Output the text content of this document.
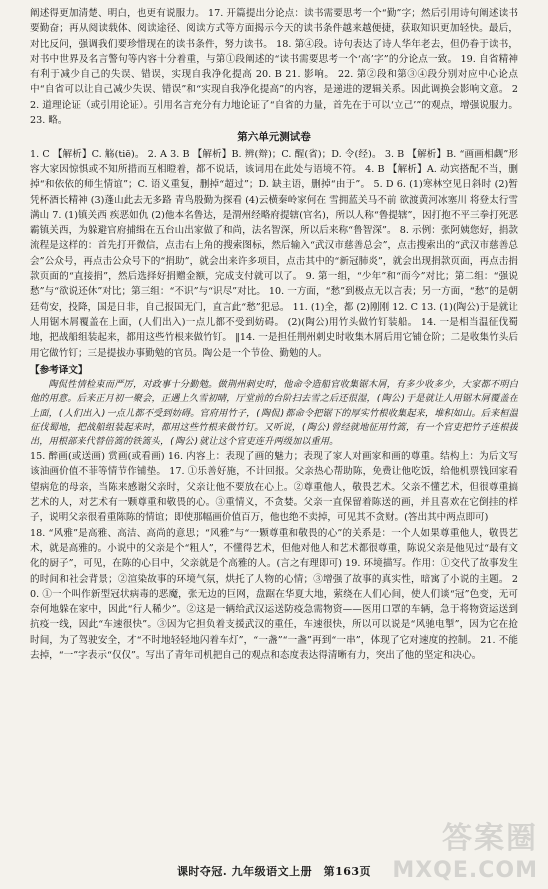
阐述得更加清楚、明白，也更有说服力。 17. 开篇提出分论点：读书需要思考一个“勤”字；然后引用诗句阐述读书要勤奋；再从阅读载体、阅读途径、阅读方式等方面揭示今天的读书条件越来越便捷，获取知识更加轻快。最后，对比反问，强调我们要珍惜现在的读书条件，努力读书。 18. 第④段。诗句表达了诗人华年老去，但仍眷于读书，对书中世界及名言警句等内容十分着重，与第①段阐述的“读书需要思考一个‘高’字”的分论点一致。 19. 自省精神有利于减少自己的失误、错误，实现自我净化提高 20. B 21. 影响。 22. 第②段和第③④段分别对应中心论点中“自省可以让自己减少失误、错误”和“实现自我净化提高”的内容，是递进的逻辑关系。因此调换会影响文意。 22. 道理论证（或引用论证）。引用名言充分有力地论证了“自省的力量，首先在于可以‘立己’”的观点，增强说服力。 23. 略。

第六单元测试卷

1. C 【解析】C. 觞(tiē)。 2. A 3. B 【解析】B. 辨(辩)；C. 醒(省)；D. 令(经)。 3. B 【解析】B. “画画相觑”形容大家因惊惧或不知所措而互相瞪着，都不说话，该词用在此处与语境不符。 4. B 【解析】A. 动宾搭配不当，删掉“和依依的师生情谊”；C. 语义重复，删掉“超过”；D. 缺主语，删掉“由于”。 5. D 6. (1)寒林空见日斜时 (2)暂凭杯酒长精神 (3)蓬山此去无多路 青鸟殷勤为探看 (4)云横秦岭家何在 雪拥蓝关马不前 欲渡黄河冰塞川 将登太行雪满山 7. (1)镇关西 疾恶如仇 (2)他本名鲁达，是渭州经略府提辖(官名)，所以人称“鲁提辖”，因打抱不平三拳打死恶霸镇关西，为躲避官府捕缉在五台山出家做了和尚，法名智深，所以后来称“鲁智深”。 8. 示例：张阿姨您好，捐款流程是这样的：首先打开微信，点击右上角的搜索图标，然后输入“武汉市慈善总会”，点击搜索出的“武汉市慈善总会”公众号，再点击公众号下的“捐助”，就会出来许多项目，点击其中的“新冠肺炎”，就会出现捐款页面，再点击捐款页面的“直接捐”，然后选择好捐赠金额，完成支付就可以了。 9. 第一组，“少年”和“而今”对比；第二组：“强说愁”与“欲说还休”对比；第三组：“不识”与“识尽”对比。 10. 一方面，“愁”到极点无以言表；另一方面，“愁”的是朝廷苟安，投降，国是日非，自己报国无门，直言此“愁”犯忌。 11. (1)全，都 (2)刚刚 12. C 13. (1)(陶公)于是就让人用锯木屑覆盖在上面，(人们出入)一点儿都不受到妨碍。 (2)(陶公)用竹头做竹钉装船。 14. 一是相当温征伐蜀地，把战船组装起来，都用这些竹根来做竹钉。 ‖14. 一是担任荆州刺史时收集木屑后用它铺仓阶；二是收集竹头后用它做竹钉；三是提拔办事勤勉的官员。陶公是一个节俭、勤勉的人。

【参考译文】

陶侃性情检束而严厉，对政事十分勤勉。做荆州刺史时，他命令造船官收集锯木屑，有多少收多少，大家都不明白他的用意。后来正月初一聚会，正遇上久雪初晴，厅堂前的台阶扫去雪之后还很湿，(陶公)于是就让人用锯木屑覆盖在上面，(人们出入)一点儿都不受到妨碍。官府用竹子，(陶侃)都命令把锯下的厚实竹根收集起来，堆积如山。后来桓温征伐蜀地，把战船组装起来时，都用这些竹根来做竹钉。又听说，(陶公)曾经就地征用竹篙，有一个官吏把竹子连根拔出，用根部来代替倍篙的铁篙头，(陶公)就让这个官吏连升两级加以重用。

15. 醉画(或送画) 赏画(或看画) 16. 内容上：表现了画的魅力；表现了家人对画家和画的尊重。结构上：为后文写该油画价值不菲等情节作铺垫。 17. ①乐善好施，不计回报。父亲热心帮助陈，免费让他吃饭，给他机票钱回家看望病危的母亲，当陈来感谢父亲时，父亲让他不要放在心上。②尊重他人，敬畏艺术。父亲不懂艺术，但很尊重搞艺术的人，对艺术有一颗尊重和敬畏的心。③重情义，不贪婪。父亲一直保留着陈送的画，并且喜欢在它倒挂的样子，说明父亲很看重陈陈的情谊；即使那幅画价值百万，他也绝不卖掉，可见其不贪财。(答出其中两点即可)

18. “风雅”是高雅、高洁、高尚的意思；“风雅”与“一颗尊重和敬畏的心”的关系是：一个人如果尊重他人，敬畏艺术，就是高雅的。小说中的父亲是个“粗人”，不懂得艺术，但他对他人和艺术都很尊重，陈说父亲是他见过“最有文化的厨子”，可见，在陈的心目中，父亲就是个高雅的人。(言之有理即可) 19. 环境描写。作用：①交代了故事发生的时间和社会背景；②渲染故事的环境气氛，烘托了人物的心情；③增强了故事的真实性，暗寓了小说的主题。 20. ①一个叫作新型冠状病毒的恶魔，张无边的巨网，盘踞在华夏大地，萦绕在人们心间，使人们谈“冠”色变，无可奈何地躲在家中，因此“行人稀少”。②这是一辆给武汉运送防疫急需物资——医用口罩的车辆，急于将物资运送到抗疫一线，因此“车速很快”。③因为它担负着支援武汉的重任，车速很快，所以可以说是“风驰电掣”，因为它在抢时间，为了驾驶安全，才“不时地轻轻地闪着车灯”，“一盏”“一盏”再到“一串”，体现了它对速度的控制。 21. 不能去掉，“一”字表示“仅仅”。写出了青年司机把自己的观点和态度表达得清晰有力，突出了他的坚定和决心。

课时夺冠. 九年级语文上册　第163页
答案圈
MXQE.COM
